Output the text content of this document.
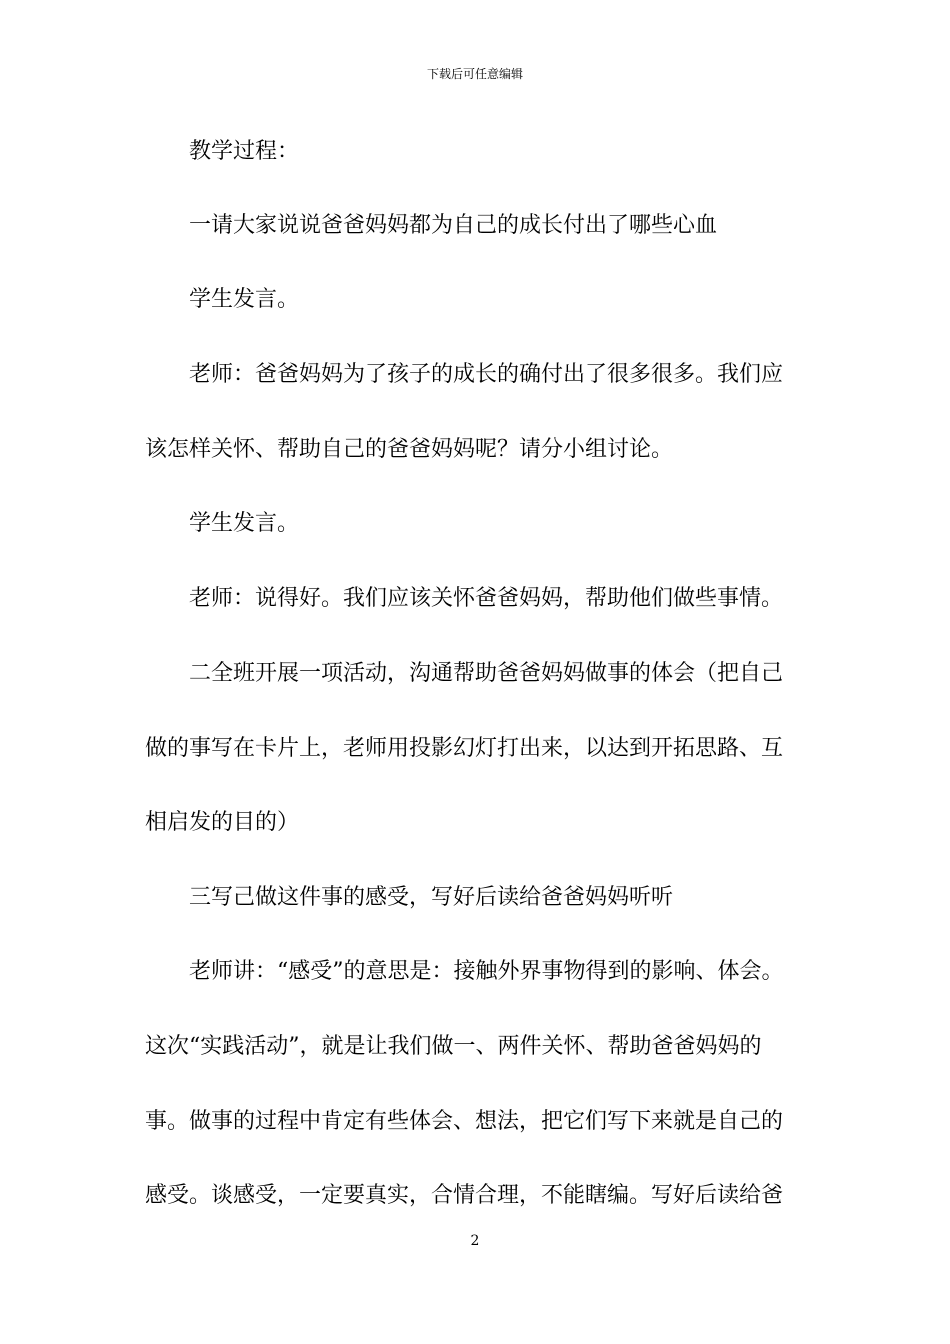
下载后可任意编辑
教学过程：
一请大家说说爸爸妈妈都为自己的成长付出了哪些心血
学生发言。
老师：爸爸妈妈为了孩子的成长的确付出了很多很多。我们应
该怎样关怀、帮助自己的爸爸妈妈呢？请分小组讨论。
学生发言。
老师：说得好。我们应该关怀爸爸妈妈，帮助他们做些事情。
二全班开展一项活动，沟通帮助爸爸妈妈做事的体会（把自己
做的事写在卡片上，老师用投影幻灯打出来，以达到开拓思路、互
相启发的目的）
三写己做这件事的感受，写好后读给爸爸妈妈听听
老师讲：“感受”的意思是：接触外界事物得到的影响、体会。
这次“实践活动”，就是让我们做一、两件关怀、帮助爸爸妈妈的
事。做事的过程中肯定有些体会、想法，把它们写下来就是自己的
感受。谈感受，一定要真实，合情合理，不能瞎编。写好后读给爸
2
